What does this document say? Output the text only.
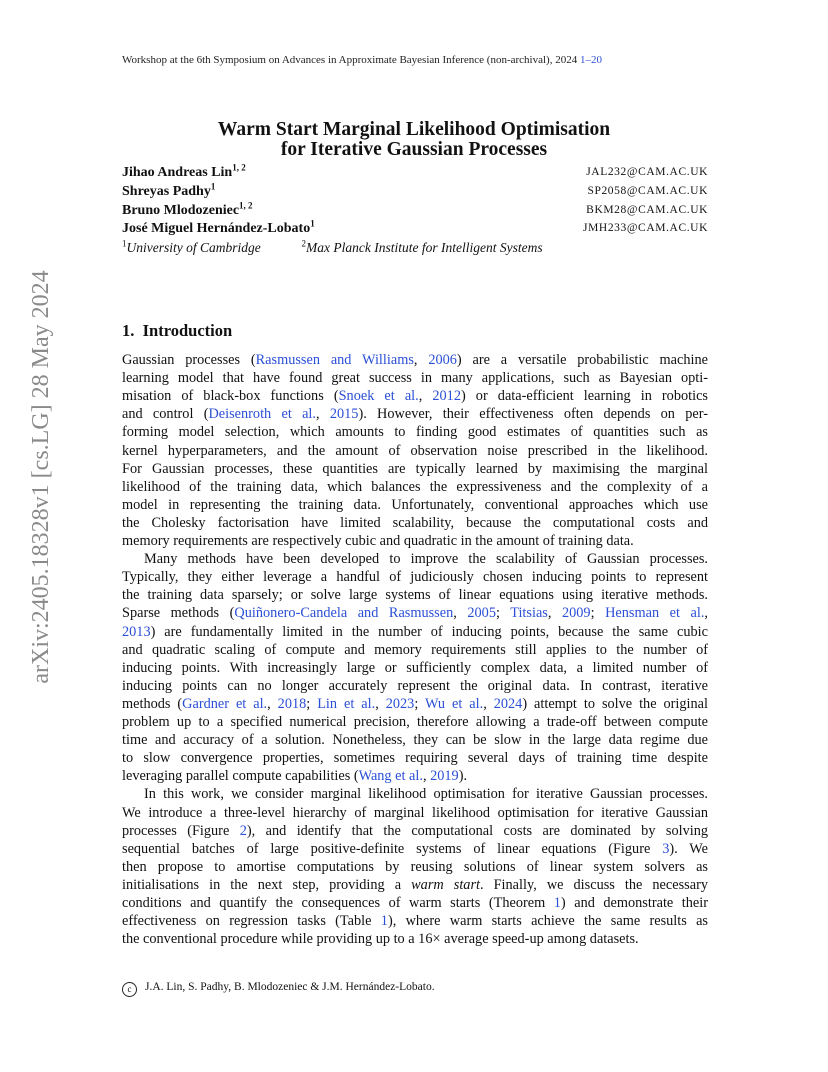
Workshop at the 6th Symposium on Advances in Approximate Bayesian Inference (non-archival), 2024 1–20
Warm Start Marginal Likelihood Optimisation
for Iterative Gaussian Processes
Jihao Andreas Lin$^{1, 2}$	JAL232@CAM.AC.UK
Shreyas Padhy$^1$	SP2058@CAM.AC.UK
Bruno Mlodozeniec$^{1, 2}$	BKM28@CAM.AC.UK
José Miguel Hernández-Lobato$^1$	JMH233@CAM.AC.UK
$^1$University of Cambridge	$^2$Max Planck Institute for Intelligent Systems
arXiv:2405.18328v1 [cs.LG] 28 May 2024	1. Introduction
Gaussian processes (Rasmussen and Williams, 2006) are a versatile probabilistic machine
learning model that have found great success in many applications, such as Bayesian opti-
misation of black-box functions (Snoek et al., 2012) or data-efficient learning in robotics
and control (Deisenroth et al., 2015). However, their effectiveness often depends on per-
forming model selection, which amounts to finding good estimates of quantities such as
kernel hyperparameters, and the amount of observation noise prescribed in the likelihood.
For Gaussian processes, these quantities are typically learned by maximising the marginal
likelihood of the training data, which balances the expressiveness and the complexity of a
model in representing the training data. Unfortunately, conventional approaches which use
the Cholesky factorisation have limited scalability, because the computational costs and
memory requirements are respectively cubic and quadratic in the amount of training data.
Many methods have been developed to improve the scalability of Gaussian processes.
Typically, they either leverage a handful of judiciously chosen inducing points to represent
the training data sparsely; or solve large systems of linear equations using iterative methods.
Sparse methods (Quiñonero-Candela and Rasmussen, 2005; Titsias, 2009; Hensman et al.,
2013) are fundamentally limited in the number of inducing points, because the same cubic
and quadratic scaling of compute and memory requirements still applies to the number of
inducing points. With increasingly large or sufficiently complex data, a limited number of
inducing points can no longer accurately represent the original data. In contrast, iterative
methods (Gardner et al., 2018; Lin et al., 2023; Wu et al., 2024) attempt to solve the original
problem up to a specified numerical precision, therefore allowing a trade-off between compute
time and accuracy of a solution. Nonetheless, they can be slow in the large data regime due
to slow convergence properties, sometimes requiring several days of training time despite
leveraging parallel compute capabilities (Wang et al., 2019).
In this work, we consider marginal likelihood optimisation for iterative Gaussian processes.
We introduce a three-level hierarchy of marginal likelihood optimisation for iterative Gaussian
processes (Figure 2), and identify that the computational costs are dominated by solving
sequential batches of large positive-definite systems of linear equations (Figure 3). We
then propose to amortise computations by reusing solutions of linear system solvers as
initialisations in the next step, providing a warm start. Finally, we discuss the necessary
conditions and quantify the consequences of warm starts (Theorem 1) and demonstrate their
effectiveness on regression tasks (Table 1), where warm starts achieve the same results as
the conventional procedure while providing up to a 16× average speed-up among datasets.
c J.A. Lin, S. Padhy, B. Mlodozeniec & J.M. Hernández-Lobato.
